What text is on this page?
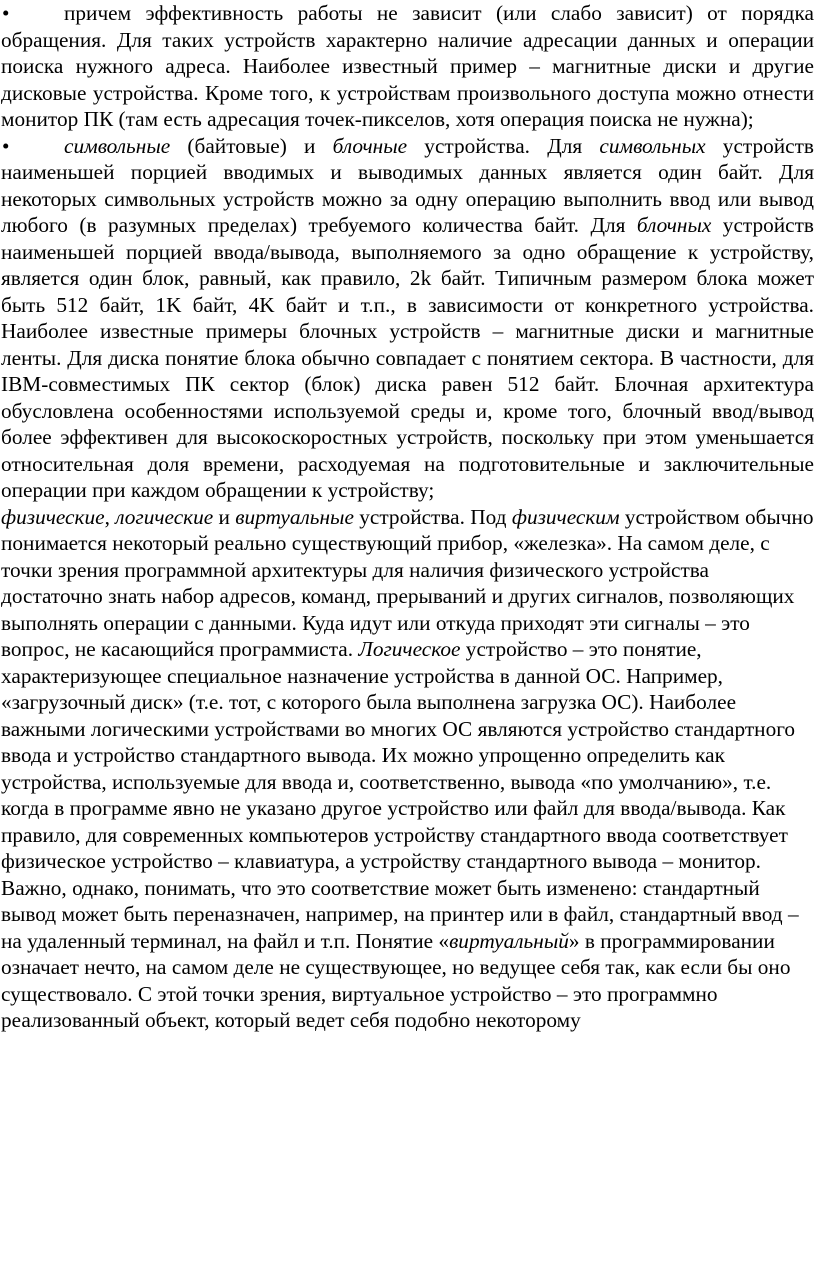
•	причем эффективность работы не зависит (или слабо зависит) от порядка обращения. Для таких устройств характерно наличие адресации данных и операции поиска нужного адреса. Наиболее известный пример – магнитные диски и другие дисковые устройства. Кроме того, к устройствам произвольного доступа можно отнести монитор ПК (там есть адресация точек-пикселов, хотя операция поиска не нужна);

•	символьные (байтовые) и блочные устройства. Для символьных устройств наименьшей порцией вводимых и выводимых данных является один байт. Для некоторых символьных устройств можно за одну операцию выполнить ввод или вывод любого (в разумных пределах) требуемого количества байт. Для блочных устройств наименьшей порцией ввода/вывода, выполняемого за одно обращение к устройству, является один блок, равный, как правило, 2k байт. Типичным размером блока может быть 512 байт, 1K байт, 4K байт и т.п., в зависимости от конкретного устройства. Наиболее известные примеры блочных устройств – магнитные диски и магнитные ленты. Для диска понятие блока обычно совпадает с понятием сектора. В частности, для IBM-совместимых ПК сектор (блок) диска равен 512 байт. Блочная архитектура обусловлена особенностями используемой среды и, кроме того, блочный ввод/вывод более эффективен для высокоскоростных устройств, поскольку при этом уменьшается относительная доля времени, расходуемая на подготовительные и заключительные операции при каждом обращении к устройству;

физические, логические и виртуальные устройства. Под физическим устройством обычно понимается некоторый реально существующий прибор, «железка». На самом деле, с точки зрения программной архитектуры для наличия физического устройства достаточно знать набор адресов, команд, прерываний и других сигналов, позволяющих выполнять операции с данными. Куда идут или откуда приходят эти сигналы – это вопрос, не касающийся программиста. Логическое устройство – это понятие, характеризующее специальное назначение устройства в данной ОС. Например, «загрузочный диск» (т.е. тот, с которого была выполнена загрузка ОС). Наиболее важными логическими устройствами во многих ОС являются устройство стандартного ввода и устройство стандартного вывода. Их можно упрощенно определить как устройства, используемые для ввода и, соответственно, вывода «по умолчанию», т.е. когда в программе явно не указано другое устройство или файл для ввода/вывода. Как правило, для современных компьютеров устройству стандартного ввода соответствует физическое устройство – клавиатура, а устройству стандартного вывода – монитор. Важно, однако, понимать, что это соответствие может быть изменено: стандартный вывод может быть переназначен, например, на принтер или в файл, стандартный ввод – на удаленный терминал, на файл и т.п. Понятие «виртуальный» в программировании означает нечто, на самом деле не существующее, но ведущее себя так, как если бы оно существовало. С этой точки зрения, виртуальное устройство – это программно реализованный объект, который ведет себя подобно некоторому
